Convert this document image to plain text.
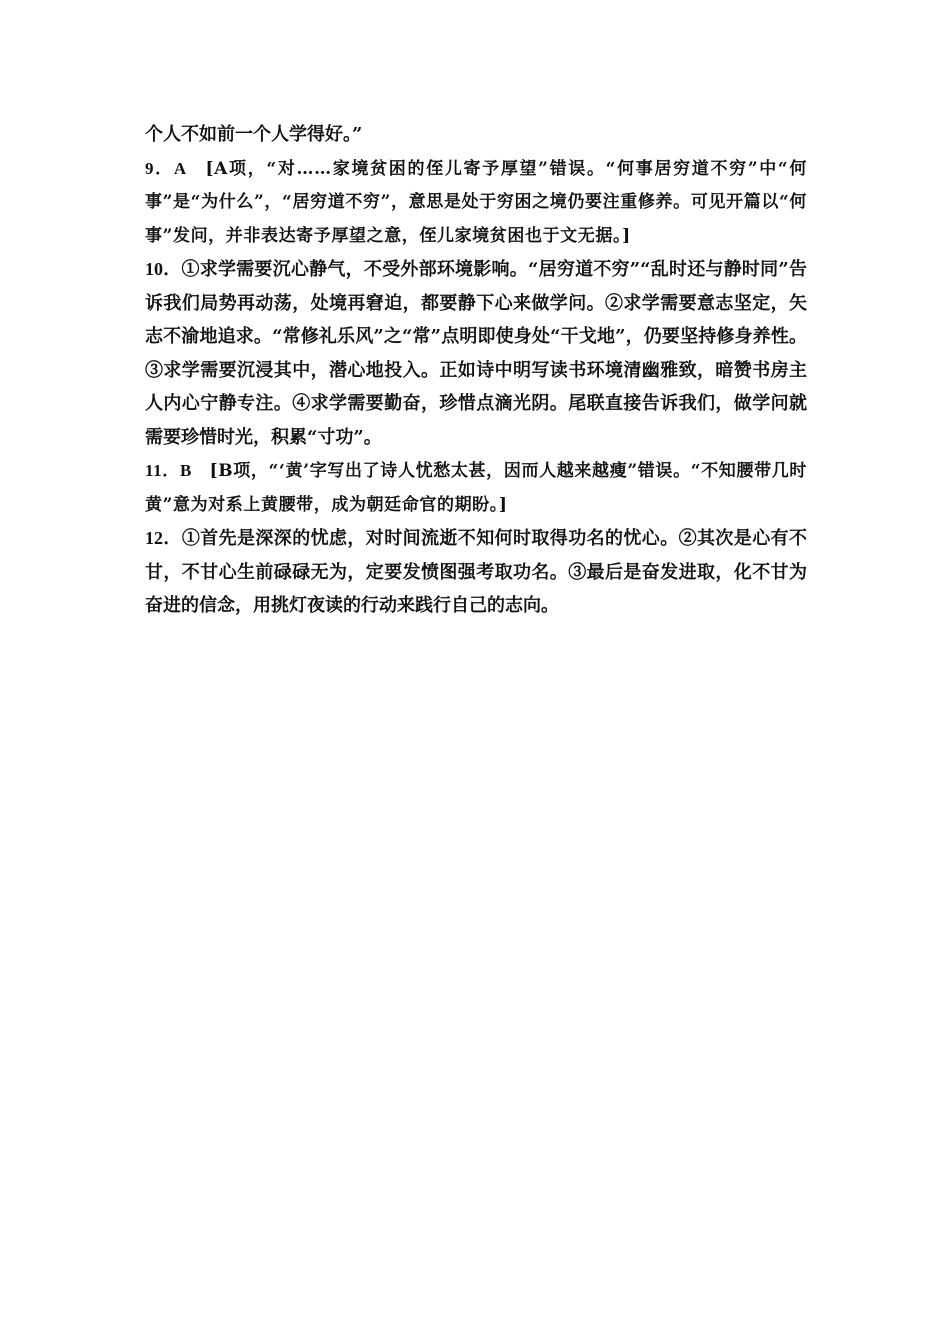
个人不如前一个人学得好。”

9．A　[A项，“对……家境贫困的侄儿寄予厚望”错误。“何事居穷道不穷”中“何事”是“为什么”，“居穷道不穷”，意思是处于穷困之境仍要注重修养。可见开篇以“何事”发问，并非表达寄予厚望之意，侄儿家境贫困也于文无据。]

10．①求学需要沉心静气，不受外部环境影响。“居穷道不穷”“乱时还与静时同”告诉我们局势再动荡，处境再窘迫，都要静下心来做学问。②求学需要意志坚定，矢志不渝地追求。“常修礼乐风”之“常”点明即使身处“干戈地”，仍要坚持修身养性。③求学需要沉浸其中，潜心地投入。正如诗中明写读书环境清幽雅致，暗赞书房主人内心宁静专注。④求学需要勤奋，珍惜点滴光阴。尾联直接告诉我们，做学问就需要珍惜时光，积累“寸功”。

11．B　[B项，“‘黄’字写出了诗人忧愁太甚，因而人越来越瘦”错误。“不知腰带几时黄”意为对系上黄腰带，成为朝廷命官的期盼。]

12．①首先是深深的忧虑，对时间流逝不知何时取得功名的忧心。②其次是心有不甘，不甘心生前碌碌无为，定要发愤图强考取功名。③最后是奋发进取，化不甘为奋进的信念，用挑灯夜读的行动来践行自己的志向。
